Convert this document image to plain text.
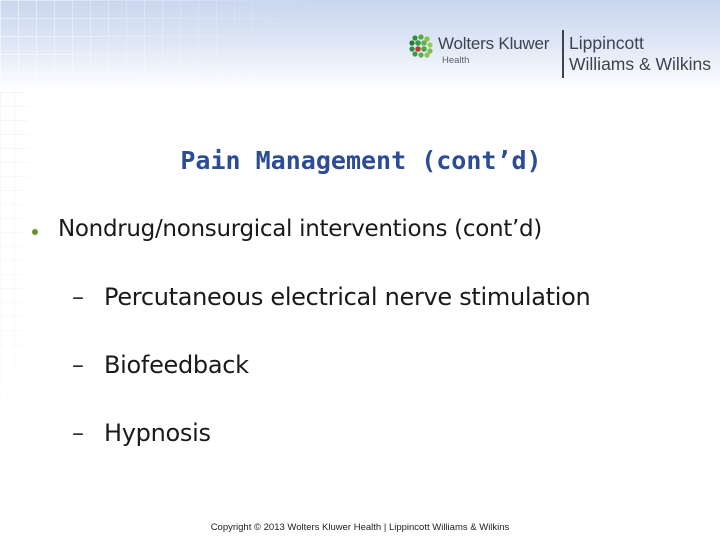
Wolters Kluwer
Health
Lippincott
Williams & Wilkins
Pain Management (cont’d)
Nondrug/nonsurgical interventions (cont’d)
– Percutaneous electrical nerve stimulation
– Biofeedback
– Hypnosis
Copyright © 2013 Wolters Kluwer Health | Lippincott Williams & Wilkins
